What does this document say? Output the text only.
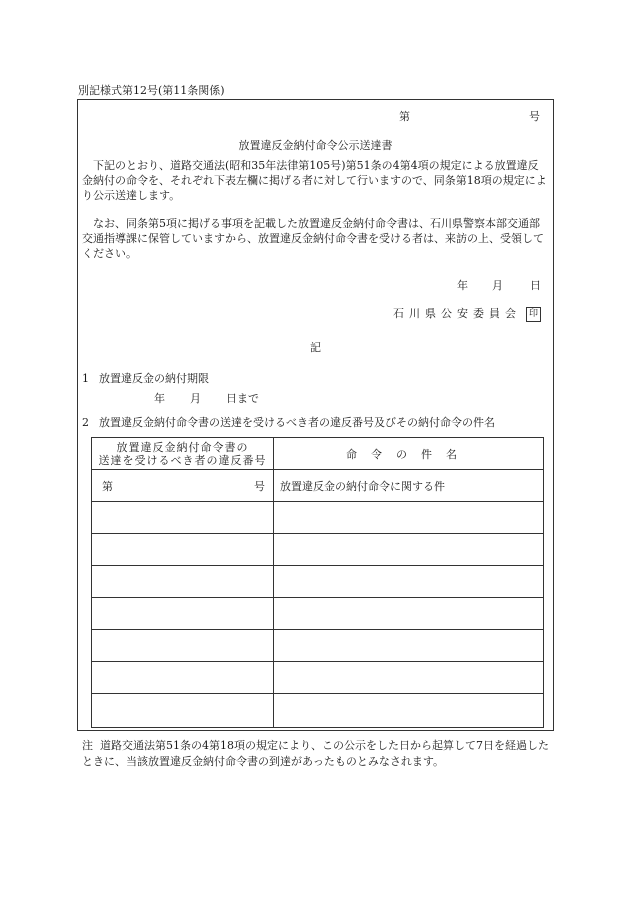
別記様式第12号(第11条関係)
第	号
放置違反金納付命令公示送達書
下記のとおり、道路交通法(昭和35年法律第105号)第51条の4第4項の規定による放置違反金納付の命令を、それぞれ下表左欄に掲げる者に対して行いますので、同条第18項の規定により公示送達します。
なお、同条第5項に掲げる事項を記載した放置違反金納付命令書は、石川県警察本部交通部交通指導課に保管していますから、放置違反金納付命令書を受ける者は、来訪の上、受領してください。
年 月 日
石川県公安委員会 印
記
1 放置違反金の納付期限
年 月 日まで
2 放置違反金納付命令書の送達を受けるべき者の違反番号及びその納付命令の件名
放置違反金納付命令書の
送達を受けるべき者の違反番号	命令の件名

第 号	放置違反金の納付命令に関する件

注 道路交通法第51条の4第18項の規定により、この公示をした日から起算して7日を経過したときに、当該放置違反金納付命令書の到達があったものとみなされます。
